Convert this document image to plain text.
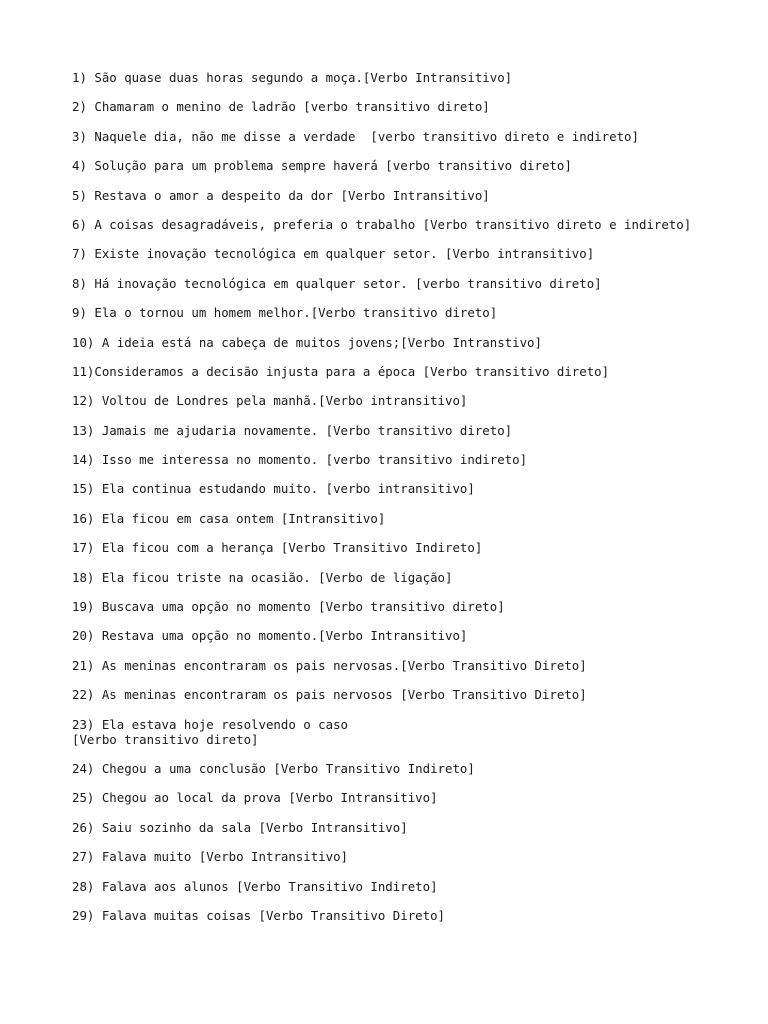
1) São quase duas horas segundo a moça.[Verbo Intransitivo]
2) Chamaram o menino de ladrão [verbo transitivo direto]
3) Naquele dia, não me disse a verdade  [verbo transitivo direto e indireto]
4) Solução para um problema sempre haverá [verbo transitivo direto]
5) Restava o amor a despeito da dor [Verbo Intransitivo]
6) A coisas desagradáveis, preferia o trabalho [Verbo transitivo direto e indireto]
7) Existe inovação tecnológica em qualquer setor. [Verbo intransitivo]
8) Há inovação tecnológica em qualquer setor. [verbo transitivo direto]
9) Ela o tornou um homem melhor.[Verbo transitivo direto]
10) A ideia está na cabeça de muitos jovens;[Verbo Intranstivo]
11)Consideramos a decisão injusta para a época [Verbo transitivo direto]
12) Voltou de Londres pela manhã.[Verbo intransitivo]
13) Jamais me ajudaria novamente. [Verbo transitivo direto]
14) Isso me interessa no momento. [verbo transitivo indireto]
15) Ela continua estudando muito. [verbo intransitivo]
16) Ela ficou em casa ontem [Intransitivo]
17) Ela ficou com a herança [Verbo Transitivo Indireto]
18) Ela ficou triste na ocasião. [Verbo de ligação]
19) Buscava uma opção no momento [Verbo transitivo direto]
20) Restava uma opção no momento.[Verbo Intransitivo]
21) As meninas encontraram os pais nervosas.[Verbo Transitivo Direto]
22) As meninas encontraram os pais nervosos [Verbo Transitivo Direto]
23) Ela estava hoje resolvendo o caso
[Verbo transitivo direto]
24) Chegou a uma conclusão [Verbo Transitivo Indireto]
25) Chegou ao local da prova [Verbo Intransitivo]
26) Saiu sozinho da sala [Verbo Intransitivo]
27) Falava muito [Verbo Intransitivo]
28) Falava aos alunos [Verbo Transitivo Indireto]
29) Falava muitas coisas [Verbo Transitivo Direto]
